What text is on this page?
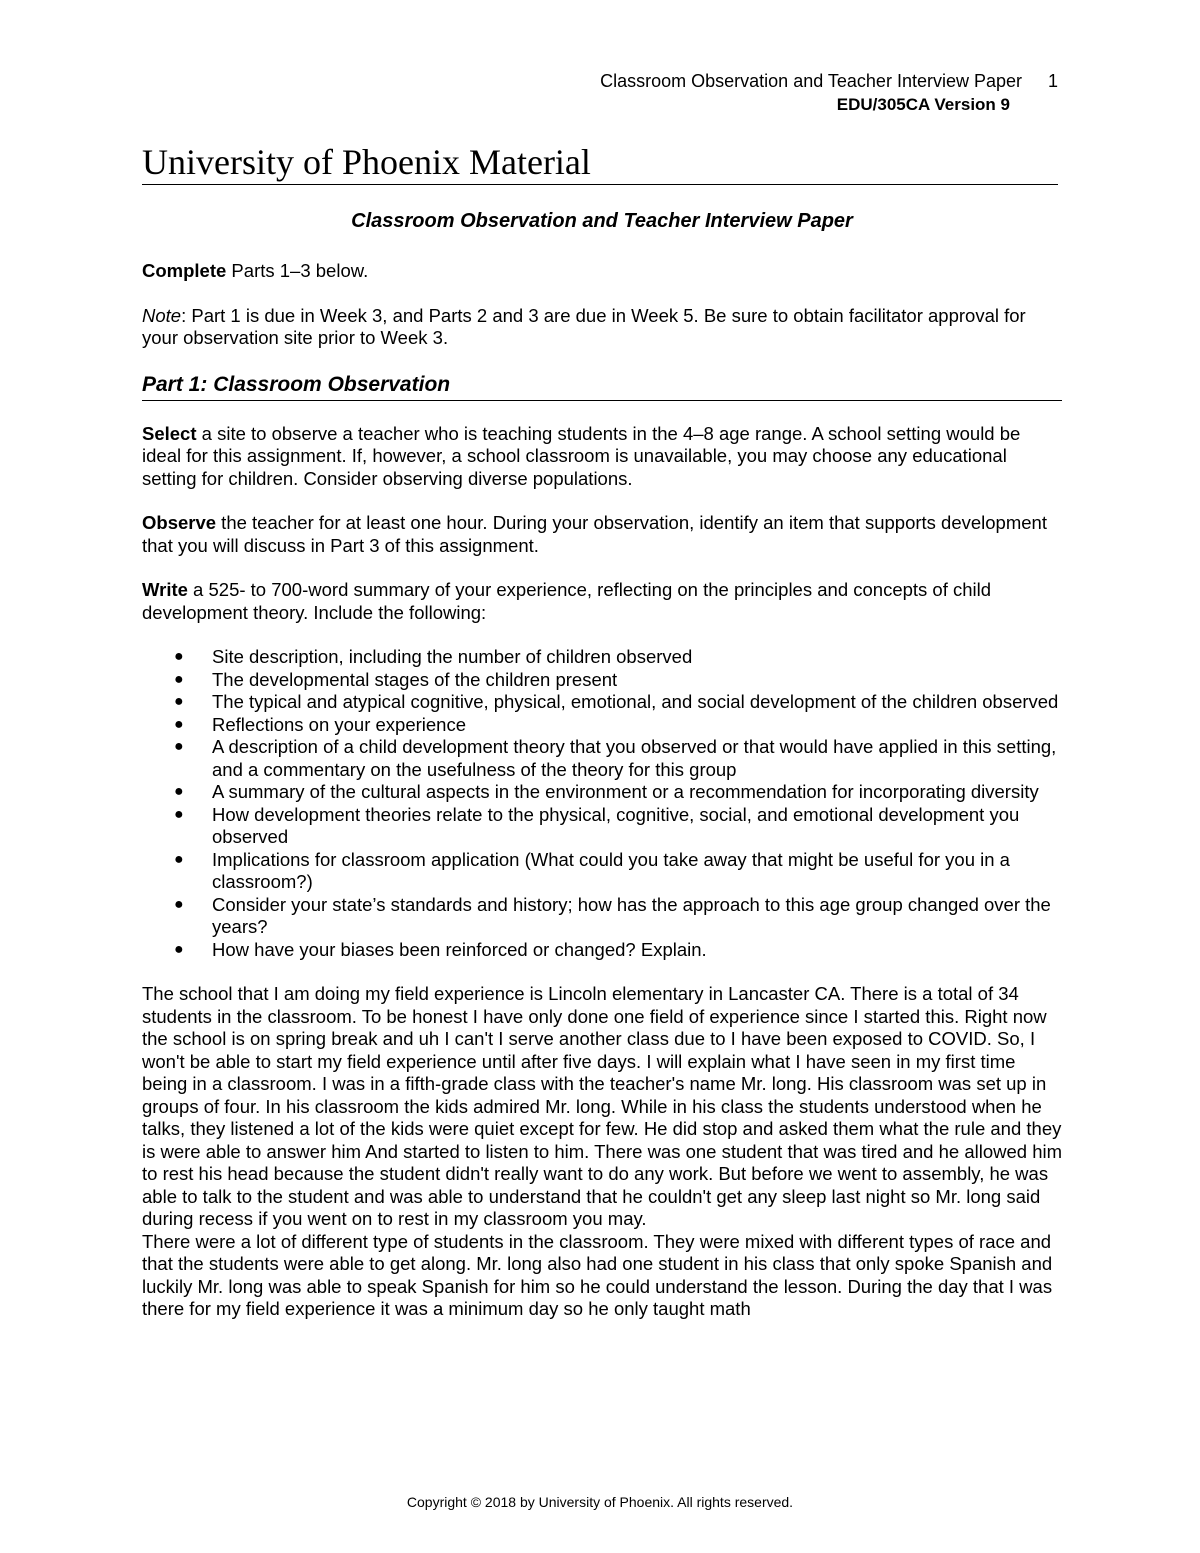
Classroom Observation and Teacher Interview Paper 1
EDU/305CA Version 9
University of Phoenix Material
Classroom Observation and Teacher Interview Paper

Complete Parts 1–3 below.

Note: Part 1 is due in Week 3, and Parts 2 and 3 are due in Week 5. Be sure to obtain facilitator approval for your observation site prior to Week 3.

Part 1: Classroom Observation

Select a site to observe a teacher who is teaching students in the 4–8 age range. A school setting would be ideal for this assignment. If, however, a school classroom is unavailable, you may choose any educational setting for children. Consider observing diverse populations.

Observe the teacher for at least one hour. During your observation, identify an item that supports development that you will discuss in Part 3 of this assignment.

Write a 525- to 700-word summary of your experience, reflecting on the principles and concepts of child development theory. Include the following:

● Site description, including the number of children observed
● The developmental stages of the children present
● The typical and atypical cognitive, physical, emotional, and social development of the children observed
● Reflections on your experience
● A description of a child development theory that you observed or that would have applied in this setting, and a commentary on the usefulness of the theory for this group
● A summary of the cultural aspects in the environment or a recommendation for incorporating diversity
● How development theories relate to the physical, cognitive, social, and emotional development you observed
● Implications for classroom application (What could you take away that might be useful for you in a classroom?)
● Consider your state’s standards and history; how has the approach to this age group changed over the years?
● How have your biases been reinforced or changed? Explain.

The school that I am doing my field experience is Lincoln elementary in Lancaster CA. There is a total of 34 students in the classroom. To be honest I have only done one field of experience since I started this. Right now the school is on spring break and uh I can't I serve another class due to I have been exposed to COVID. So, I won't be able to start my field experience until after five days. I will explain what I have seen in my first time being in a classroom. I was in a fifth-grade class with the teacher's name Mr. long. His classroom was set up in groups of four. In his classroom the kids admired Mr. long. While in his class the students understood when he talks, they listened a lot of the kids were quiet except for few. He did stop and asked them what the rule and they is were able to answer him And started to listen to him. There was one student that was tired and he allowed him to rest his head because the student didn't really want to do any work. But before we went to assembly, he was able to talk to the student and was able to understand that he couldn't get any sleep last night so Mr. long said during recess if you went on to rest in my classroom you may.

There were a lot of different type of students in the classroom. They were mixed with different types of race and that the students were able to get along. Mr. long also had one student in his class that only spoke Spanish and luckily Mr. long was able to speak Spanish for him so he could understand the lesson. During the day that I was there for my field experience it was a minimum day so he only taught math

Copyright © 2018 by University of Phoenix. All rights reserved.
